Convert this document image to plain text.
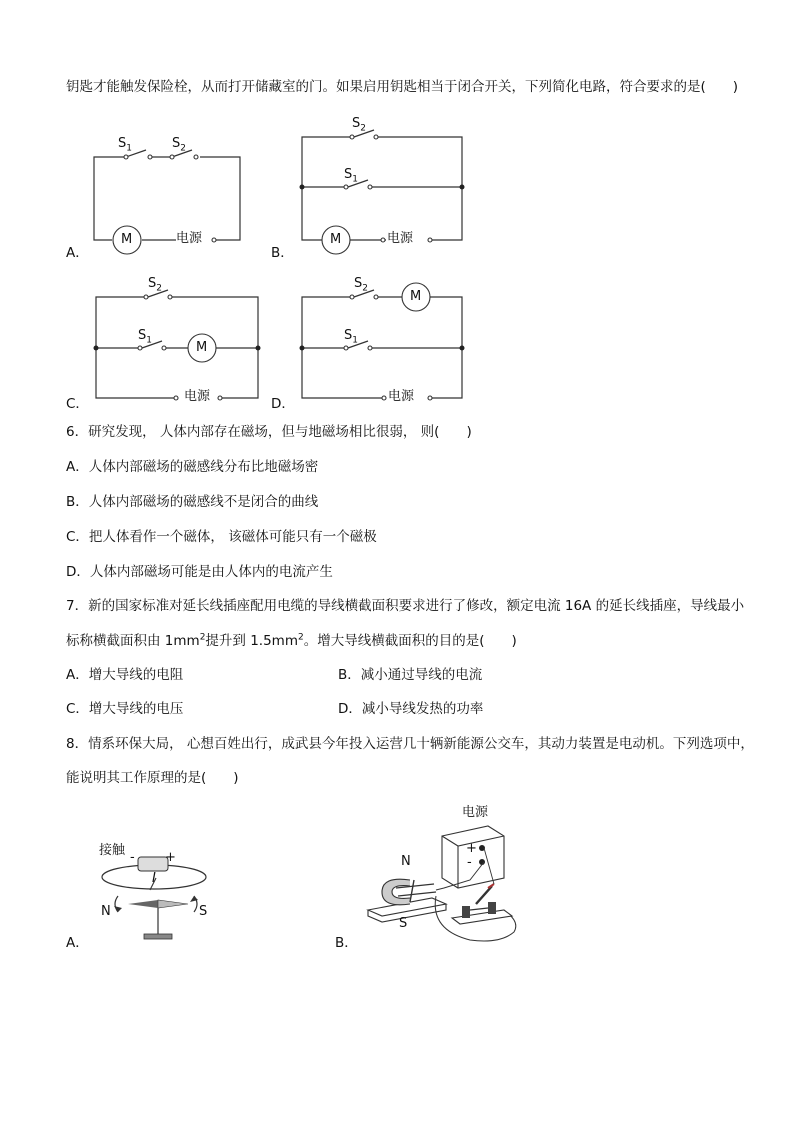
钥匙才能触发保险栓，从而打开储藏室的门。如果启用钥匙相当于闭合开关，下列简化电路，符合要求的是(　　)
$S_1$	$S_2$
M	电源
A．
$S_2$
$S_1$
M	电源
B．
$S_2$
$S_1$	M
电源
C．
$S_2$
$S_1$
M
电源
D．
6．研究发现， 人体内部存在磁场，但与地磁场相比很弱， 则(　　)
A．人体内部磁场的磁感线分布比地磁场密
B．人体内部磁场的磁感线不是闭合的曲线
C．把人体看作一个磁体， 该磁体可能只有一个磁极
D．人体内部磁场可能是由人体内的电流产生
7．新的国家标准对延长线插座配用电缆的导线横截面积要求进行了修改，额定电流 16A 的延长线插座，导线最小
标称横截面积由 $1mm^2$提升到 $1.5mm^2$。增大导线横截面积的目的是(　　)
A．增大导线的电阻	B．减小通过导线的电流
C．增大导线的电压	D．减小导线发热的功率
8．情系环保大局， 心想百姓出行，成武县今年投入运营几十辆新能源公交车，其动力装置是电动机。下列选项中，
能说明其工作原理的是(　　)
接触 - +
I
N	S
A．
电源
+
-
N
S
B．
